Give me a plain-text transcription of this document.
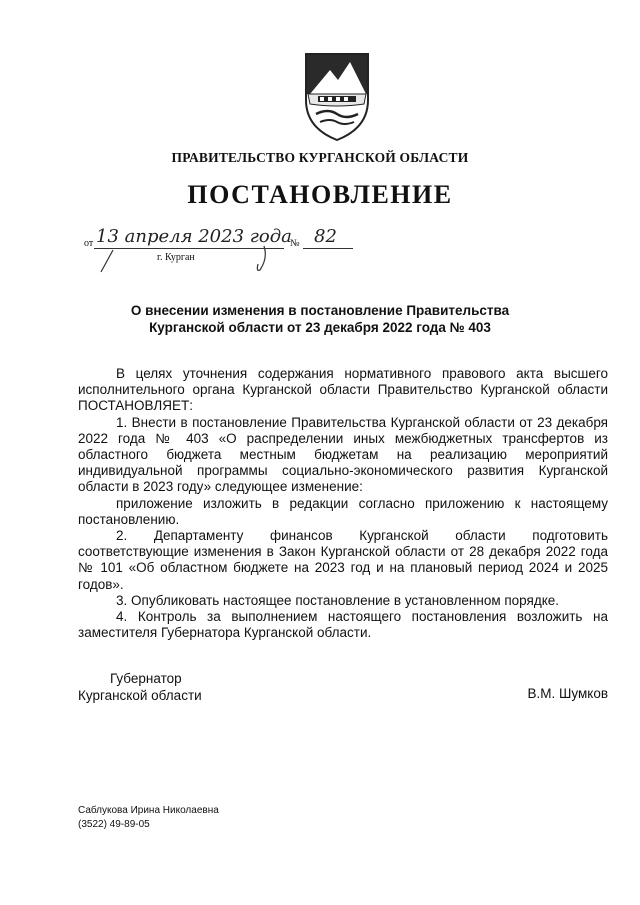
ПРАВИТЕЛЬСТВО КУРГАНСКОЙ ОБЛАСТИ
ПОСТАНОВЛЕНИЕ
от 13 апреля 2023 года
№ 82
г. Курган
О внесении изменения в постановление Правительства
Курганской области от 23 декабря 2022 года № 403

В целях уточнения содержания нормативного правового акта высшего исполнительного органа Курганской области Правительство Курганской области ПОСТАНОВЛЯЕТ:

1. Внести в постановление Правительства Курганской области от 23 декабря 2022 года № 403 «О распределении иных межбюджетных трансфертов из областного бюджета местным бюджетам на реализацию мероприятий индивидуальной программы социально-экономического развития Курганской области в 2023 году» следующее изменение:

приложение изложить в редакции согласно приложению к настоящему постановлению.

2. Департаменту финансов Курганской области подготовить соответствующие изменения в Закон Курганской области от 28 декабря 2022 года № 101 «Об областном бюджете на 2023 год и на плановый период 2024 и 2025 годов».

3. Опубликовать настоящее постановление в установленном порядке.

4. Контроль за выполнением настоящего постановления возложить на заместителя Губернатора Курганской области.

Губернатор
Курганской области	В.М. Шумков
Саблукова Ирина Николаевна
(3522) 49-89-05
